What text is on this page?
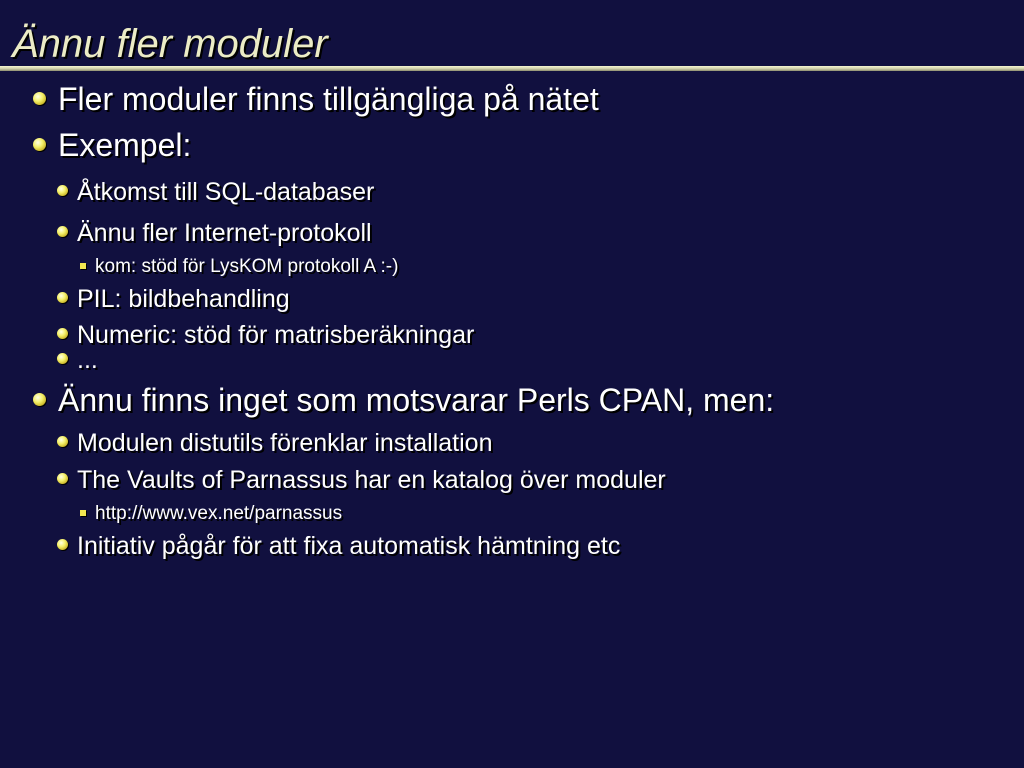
Ännu fler moduler
Fler moduler finns tillgängliga på nätet
Exempel:
Åtkomst till SQL-databaser
Ännu fler Internet-protokoll
kom: stöd för LysKOM protokoll A :-)
PIL: bildbehandling
Numeric: stöd för matrisberäkningar
...
Ännu finns inget som motsvarar Perls CPAN, men:
Modulen distutils förenklar installation
The Vaults of Parnassus har en katalog över moduler
http://www.vex.net/parnassus
Initiativ pågår för att fixa automatisk hämtning etc
